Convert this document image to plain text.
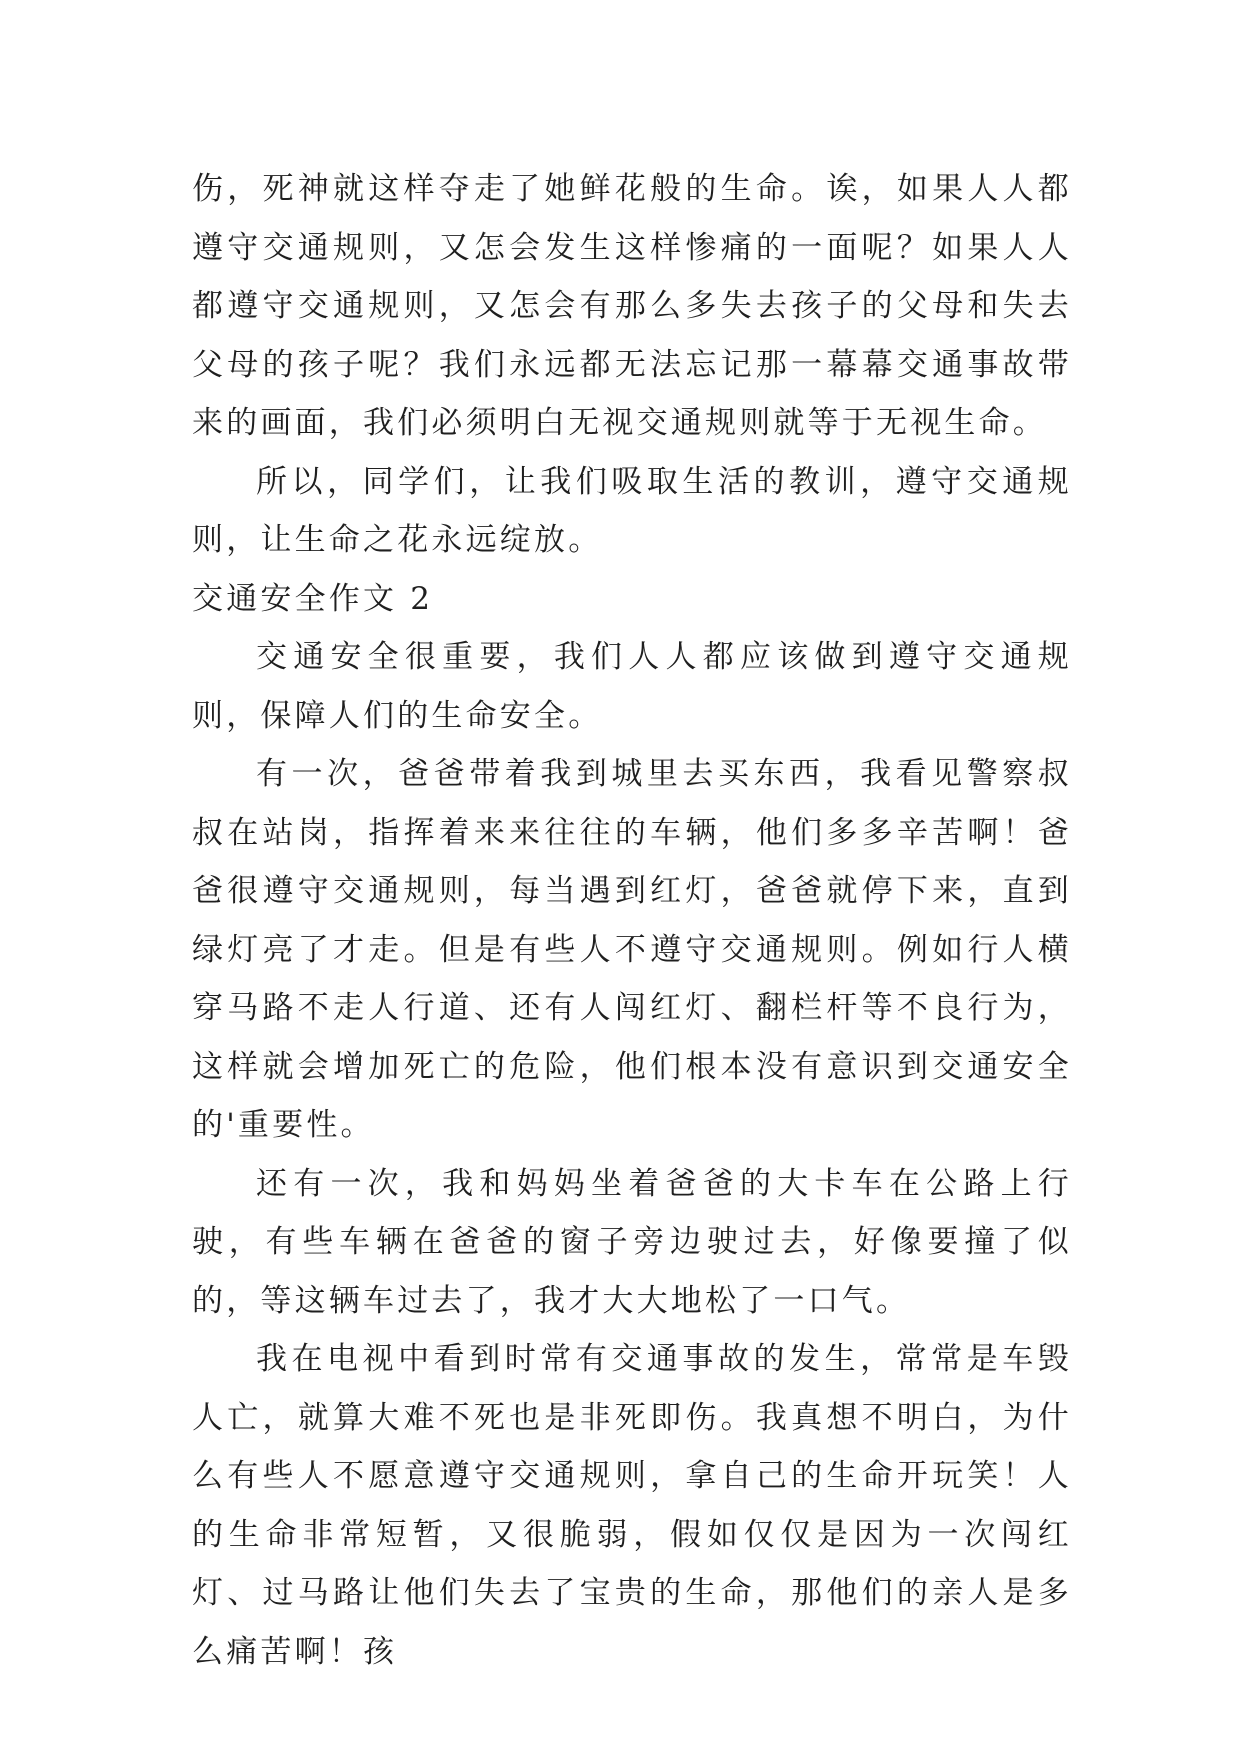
伤，死神就这样夺走了她鲜花般的生命。诶，如果人人都遵守交通规则，又怎会发生这样惨痛的一面呢？如果人人都遵守交通规则，又怎会有那么多失去孩子的父母和失去父母的孩子呢？我们永远都无法忘记那一幕幕交通事故带来的画面，我们必须明白无视交通规则就等于无视生命。

所以，同学们，让我们吸取生活的教训，遵守交通规则，让生命之花永远绽放。

交通安全作文 2

交通安全很重要，我们人人都应该做到遵守交通规则，保障人们的生命安全。

有一次，爸爸带着我到城里去买东西，我看见警察叔叔在站岗，指挥着来来往往的车辆，他们多多辛苦啊！爸爸很遵守交通规则，每当遇到红灯，爸爸就停下来，直到绿灯亮了才走。但是有些人不遵守交通规则。例如行人横穿马路不走人行道、还有人闯红灯、翻栏杆等不良行为，这样就会增加死亡的危险，他们根本没有意识到交通安全的'重要性。

还有一次，我和妈妈坐着爸爸的大卡车在公路上行驶，有些车辆在爸爸的窗子旁边驶过去，好像要撞了似的，等这辆车过去了，我才大大地松了一口气。

我在电视中看到时常有交通事故的发生，常常是车毁人亡，就算大难不死也是非死即伤。我真想不明白，为什么有些人不愿意遵守交通规则，拿自己的生命开玩笑！人的生命非常短暂，又很脆弱，假如仅仅是因为一次闯红灯、过马路让他们失去了宝贵的生命，那他们的亲人是多么痛苦啊！孩
